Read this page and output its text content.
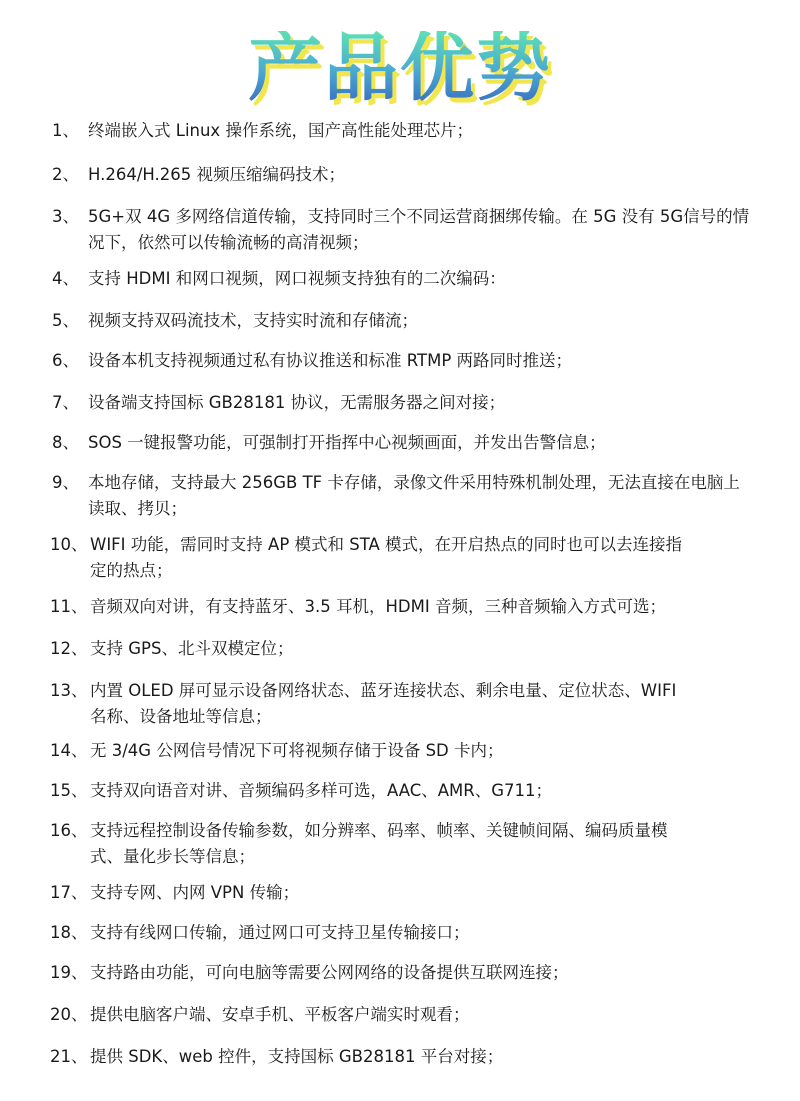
产品优势
1、 终端嵌入式 Linux 操作系统，国产高性能处理芯片；
2、 H.264/H.265 视频压缩编码技术；
3、 5G+双 4G 多网络信道传输，支持同时三个不同运营商捆绑传输。在 5G 没有 5G信号的情
况下，依然可以传输流畅的高清视频；
4、 支持 HDMI 和网口视频，网口视频支持独有的二次编码：
5、 视频支持双码流技术，支持实时流和存储流；
6、 设备本机支持视频通过私有协议推送和标准 RTMP 两路同时推送；
7、 设备端支持国标 GB28181 协议，无需服务器之间对接；
8、 SOS 一键报警功能，可强制打开指挥中心视频画面，并发出告警信息；
9、 本地存储，支持最大 256GB TF 卡存储，录像文件采用特殊机制处理，无法直接在电脑上
读取、拷贝；
10、 WIFI 功能，需同时支持 AP 模式和 STA 模式，在开启热点的同时也可以去连接指
定的热点；
11、 音频双向对讲，有支持蓝牙、3.5 耳机，HDMI 音频，三种音频输入方式可选；
12、 支持 GPS、北斗双模定位；
13、 内置 OLED 屏可显示设备网络状态、蓝牙连接状态、剩余电量、定位状态、WIFI
名称、设备地址等信息；
14、 无 3/4G 公网信号情况下可将视频存储于设备 SD 卡内；
15、 支持双向语音对讲、音频编码多样可选，AAC、AMR、G711；
16、 支持远程控制设备传输参数，如分辨率、码率、帧率、关键帧间隔、编码质量模
式、量化步长等信息；
17、 支持专网、内网 VPN 传输；
18、 支持有线网口传输，通过网口可支持卫星传输接口；
19、 支持路由功能，可向电脑等需要公网网络的设备提供互联网连接；
20、 提供电脑客户端、安卓手机、平板客户端实时观看；
21、 提供 SDK、web 控件，支持国标 GB28181 平台对接；
